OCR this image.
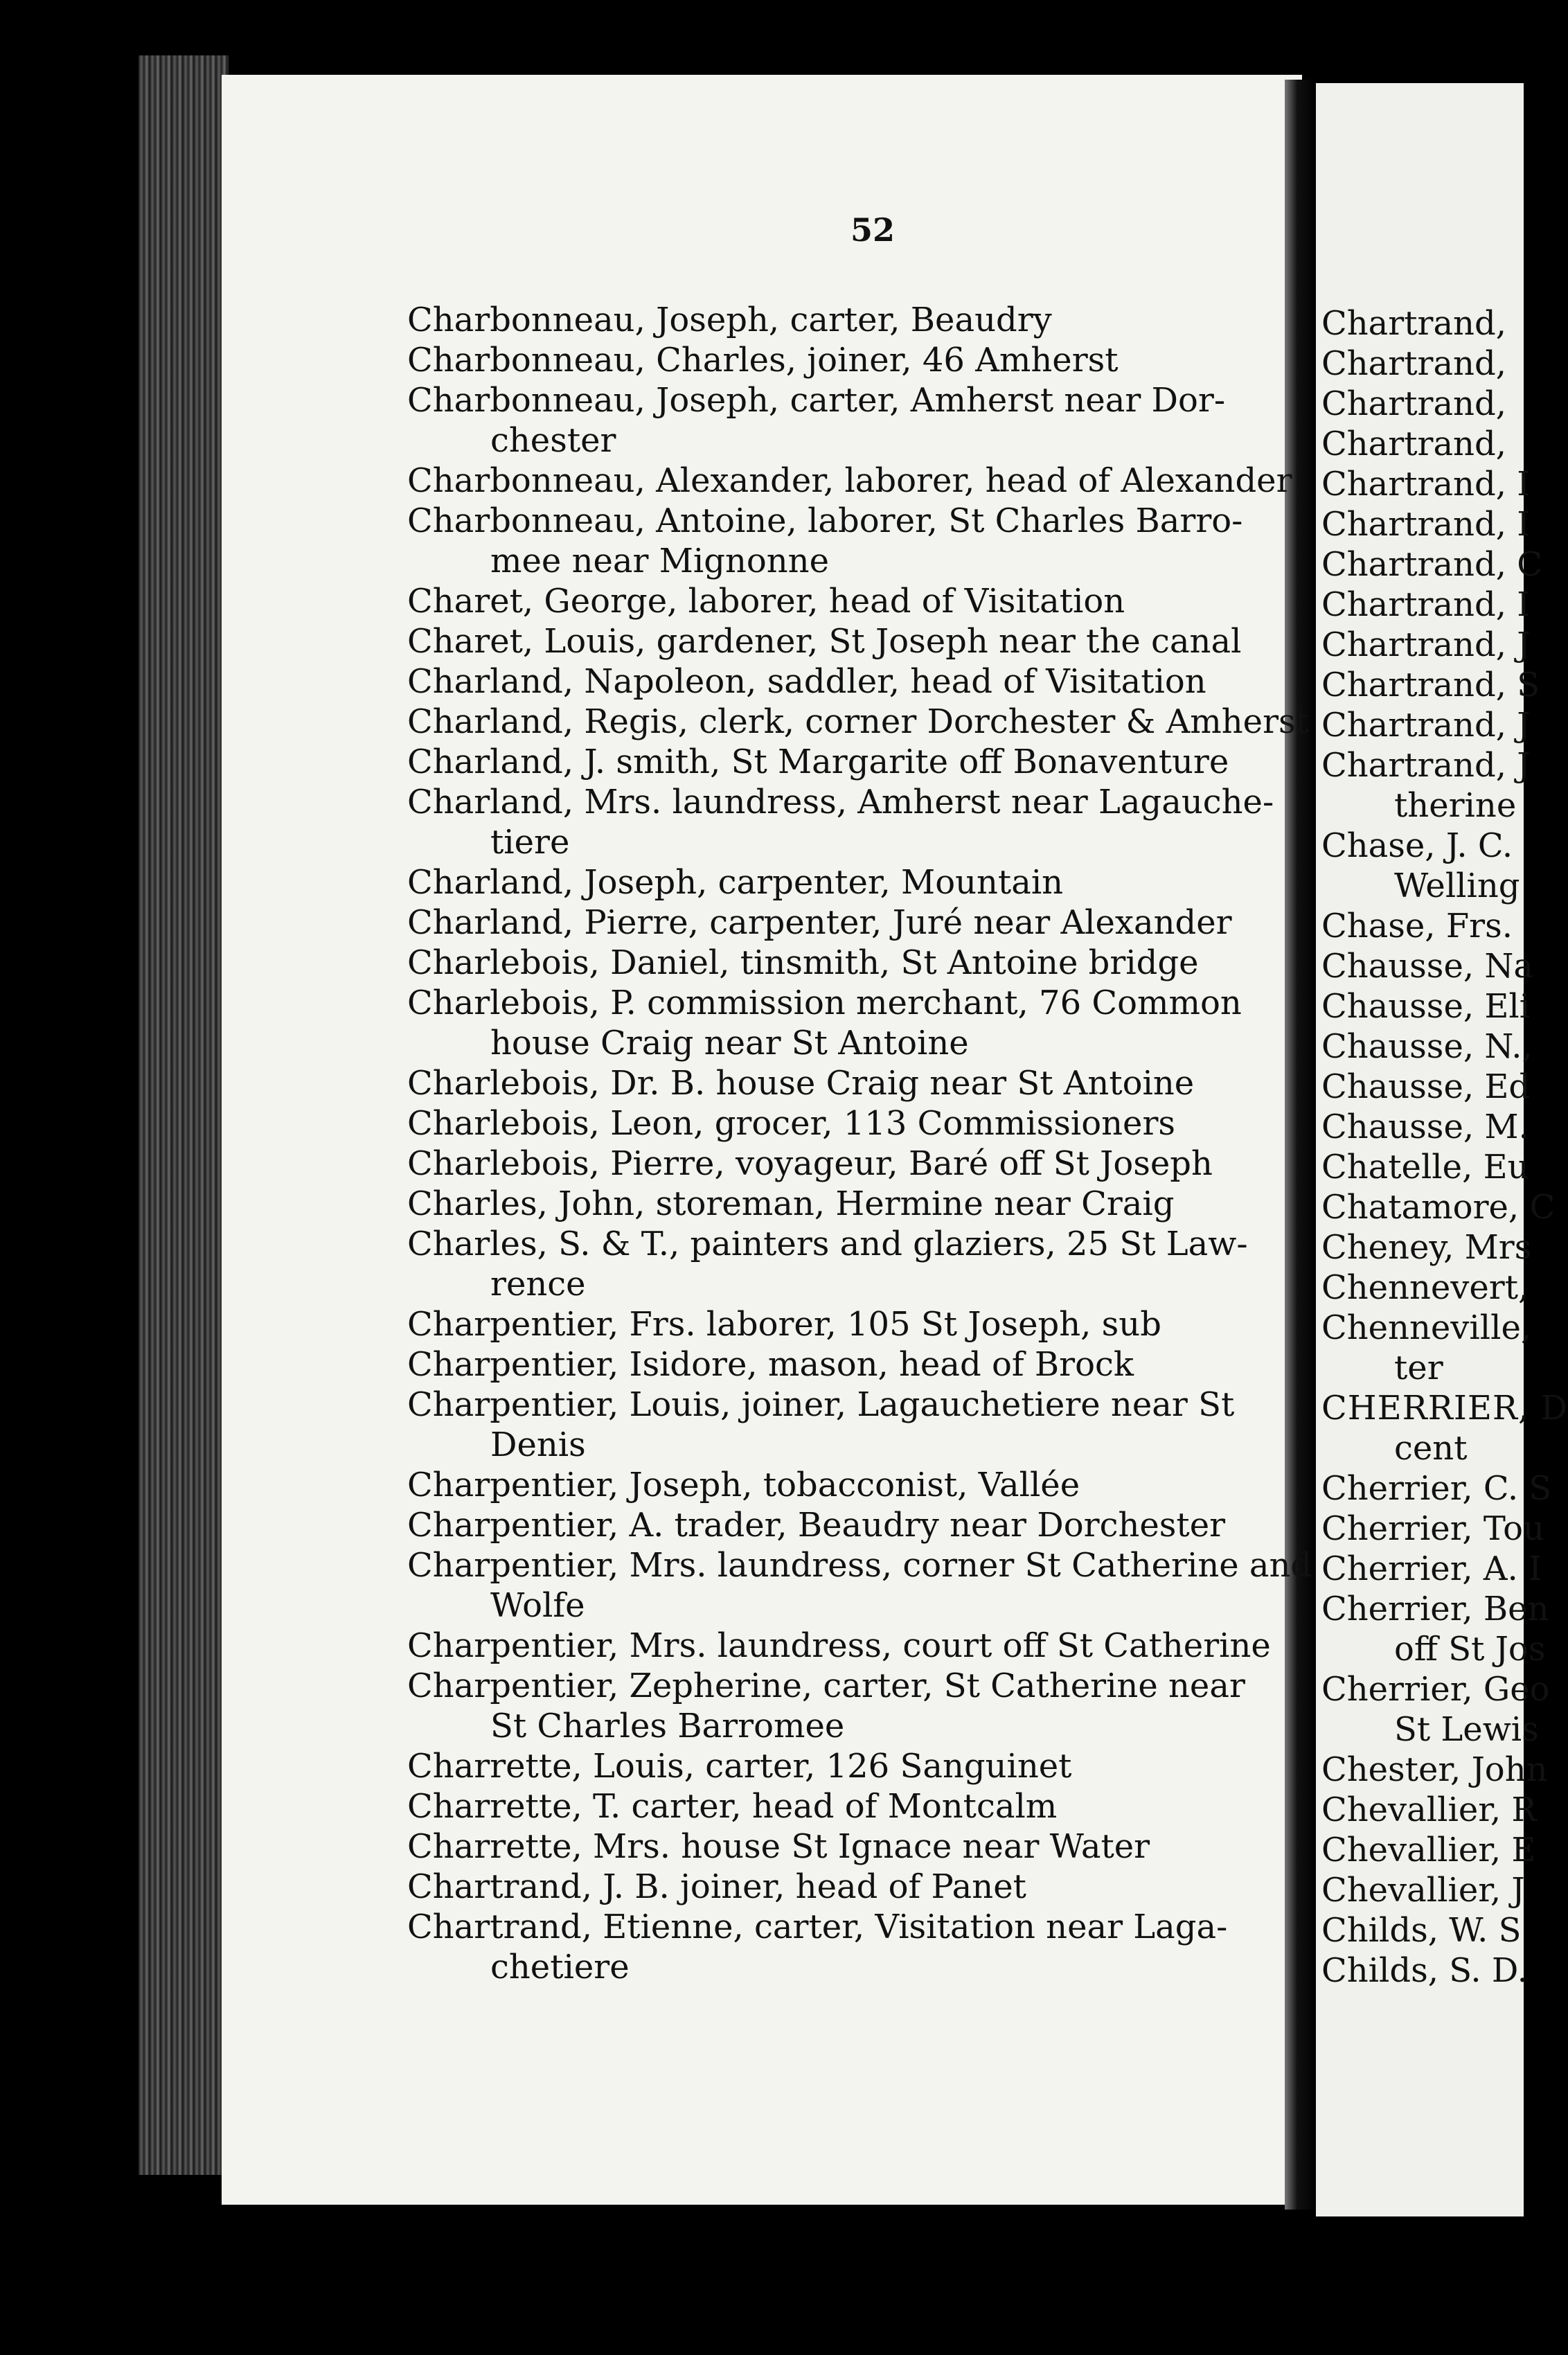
52
Charbonneau, Joseph, carter, Beaudry
Charbonneau, Charles, joiner, 46 Amherst
Charbonneau, Joseph, carter, Amherst near Dor-
chester
Charbonneau, Alexander, laborer, head of Alexander
Charbonneau, Antoine, laborer, St Charles Barro-
mee near Mignonne
Charet, George, laborer, head of Visitation
Charet, Louis, gardener, St Joseph near the canal
Charland, Napoleon, saddler, head of Visitation
Charland, Regis, clerk, corner Dorchester & Amherst
Charland, J. smith, St Margarite off Bonaventure
Charland, Mrs. laundress, Amherst near Lagauche-
tiere
Charland, Joseph, carpenter, Mountain
Charland, Pierre, carpenter, Juré near Alexander
Charlebois, Daniel, tinsmith, St Antoine bridge
Charlebois, P. commission merchant, 76 Common
house Craig near St Antoine
Charlebois, Dr. B. house Craig near St Antoine
Charlebois, Leon, grocer, 113 Commissioners
Charlebois, Pierre, voyageur, Baré off St Joseph
Charles, John, storeman, Hermine near Craig
Charles, S. & T., painters and glaziers, 25 St Law-
rence
Charpentier, Frs. laborer, 105 St Joseph, sub
Charpentier, Isidore, mason, head of Brock
Charpentier, Louis, joiner, Lagauchetiere near St
Denis
Charpentier, Joseph, tobacconist, Vallée
Charpentier, A. trader, Beaudry near Dorchester
Charpentier, Mrs. laundress, corner St Catherine and
Wolfe
Charpentier, Mrs. laundress, court off St Catherine
Charpentier, Zepherine, carter, St Catherine near
St Charles Barromee
Charrette, Louis, carter, 126 Sanguinet
Charrette, T. carter, head of Montcalm
Charrette, Mrs. house St Ignace near Water
Chartrand, J. B. joiner, head of Panet
Chartrand, Etienne, carter, Visitation near Laga-
chetiere
Chartrand,
Chartrand,
Chartrand,
Chartrand,
Chartrand, I
Chartrand, I
Chartrand, C
Chartrand, I
Chartrand, J
Chartrand, S
Chartrand, J
Chartrand, J
therine
Chase, J. C.
Welling
Chase, Frs.
Chausse, Na
Chausse, Eli
Chausse, N.,
Chausse, Ed
Chausse, M.
Chatelle, Eu
Chatamore, C
Cheney, Mrs
Chennevert,
Chenneville,
ter
CHERRIER, D
cent
Cherrier, C. S
Cherrier, Tou
Cherrier, A. I
Cherrier, Ben
off St Jos
Cherrier, Geo
St Lewis
Chester, John
Chevallier, R
Chevallier, E
Chevallier, J
Childs, W. S
Childs, S. D.
